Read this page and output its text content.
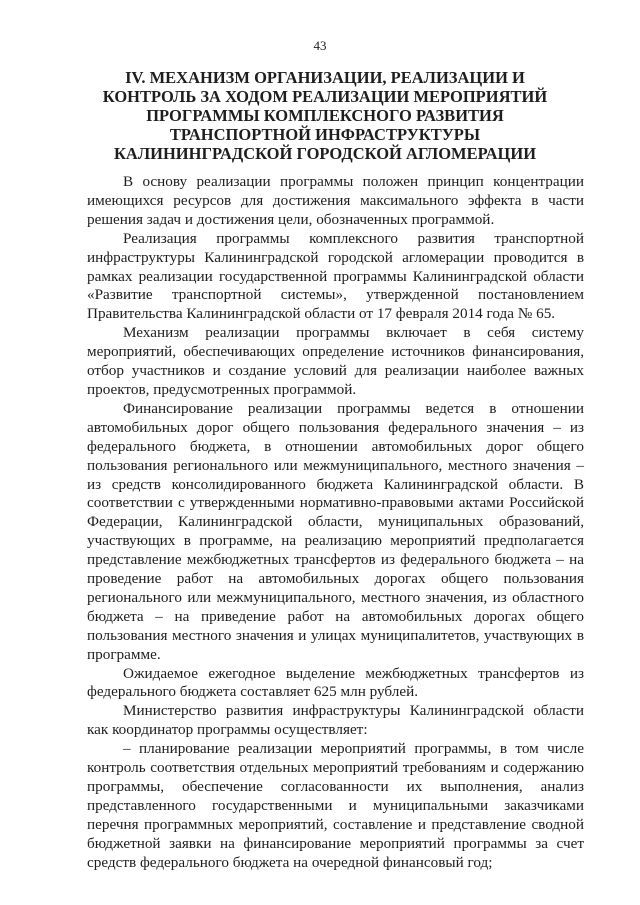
43
IV. МЕХАНИЗМ ОРГАНИЗАЦИИ, РЕАЛИЗАЦИИ И КОНТРОЛЬ ЗА ХОДОМ РЕАЛИЗАЦИИ МЕРОПРИЯТИЙ ПРОГРАММЫ КОМПЛЕКСНОГО РАЗВИТИЯ ТРАНСПОРТНОЙ ИНФРАСТРУКТУРЫ КАЛИНИНГРАДСКОЙ ГОРОДСКОЙ АГЛОМЕРАЦИИ

В основу реализации программы положен принцип концентрации имеющихся ресурсов для достижения максимального эффекта в части решения задач и достижения цели, обозначенных программой.

Реализация программы комплексного развития транспортной инфраструктуры Калининградской городской агломерации проводится в рамках реализации государственной программы Калининградской области «Развитие транспортной системы», утвержденной постановлением Правительства Калининградской области от 17 февраля 2014 года № 65.

Механизм реализации программы включает в себя систему мероприятий, обеспечивающих определение источников финансирования, отбор участников и создание условий для реализации наиболее важных проектов, предусмотренных программой.

Финансирование реализации программы ведется в отношении автомобильных дорог общего пользования федерального значения – из федерального бюджета, в отношении автомобильных дорог общего пользования регионального или межмуниципального, местного значения – из средств консолидированного бюджета Калининградской области. В соответствии с утвержденными нормативно-правовыми актами Российской Федерации, Калининградской области, муниципальных образований, участвующих в программе, на реализацию мероприятий предполагается представление межбюджетных трансфертов из федерального бюджета – на проведение работ на автомобильных дорогах общего пользования регионального или межмуниципального, местного значения, из областного бюджета – на приведение работ на автомобильных дорогах общего пользования местного значения и улицах муниципалитетов, участвующих в программе.

Ожидаемое ежегодное выделение межбюджетных трансфертов из федерального бюджета составляет 625 млн рублей.

Министерство развития инфраструктуры Калининградской области как координатор программы осуществляет:

– планирование реализации мероприятий программы, в том числе контроль соответствия отдельных мероприятий требованиям и содержанию программы, обеспечение согласованности их выполнения, анализ представленного государственными и муниципальными заказчиками перечня программных мероприятий, составление и представление сводной бюджетной заявки на финансирование мероприятий программы за счет средств федерального бюджета на очередной финансовый год;
